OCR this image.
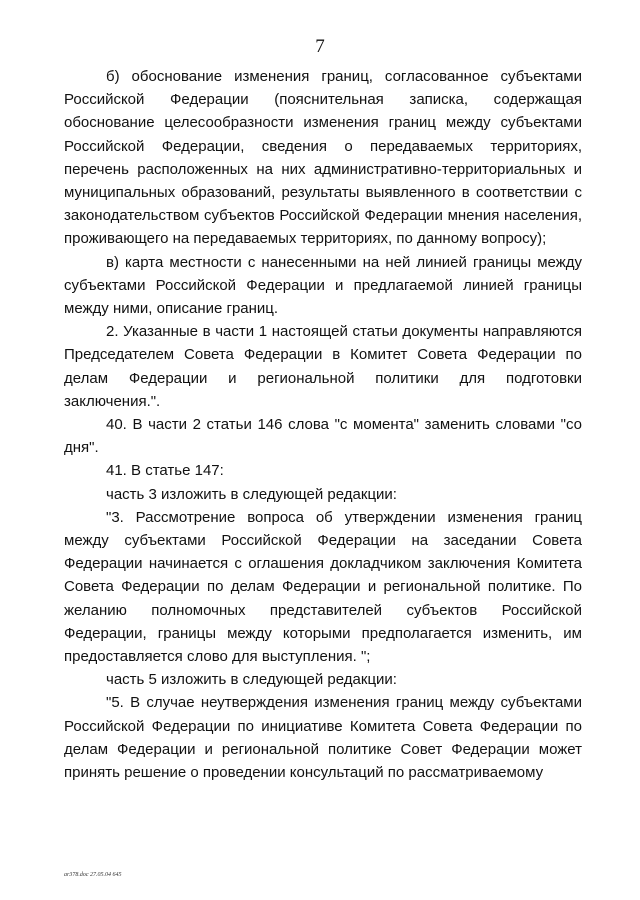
7

б) обоснование изменения границ, согласованное субъектами Российской Федерации (пояснительная записка, содержащая обоснование целесообразности изменения границ между субъектами Российской Федерации, сведения о передаваемых территориях, перечень расположенных на них административно-территориальных и муниципальных образований, результаты выявленного в соответствии с законодательством субъектов Российской Федерации мнения населения, проживающего на передаваемых территориях, по данному вопросу);

в) карта местности с нанесенными на ней линией границы между субъектами Российской Федерации и предлагаемой линией границы между ними, описание границ.

2. Указанные в части 1 настоящей статьи документы направляются Председателем Совета Федерации в Комитет Совета Федерации по делам Федерации и региональной политики для подготовки заключения.".

40. В части 2 статьи 146 слова "с момента" заменить словами "со дня".

41. В статье 147:

часть 3 изложить в следующей редакции:

"3. Рассмотрение вопроса об утверждении изменения границ между субъектами Российской Федерации на заседании Совета Федерации начинается с оглашения докладчиком заключения Комитета Совета Федерации по делам Федерации и региональной политике. По желанию полномочных представителей субъектов Российской Федерации, границы между которыми предполагается изменить, им предоставляется слово для выступления. ";

часть 5 изложить в следующей редакции:

"5. В случае неутверждения изменения границ между субъектами Российской Федерации по инициативе Комитета Совета Федерации по делам Федерации и региональной политике Совет Федерации может принять решение о проведении консультаций по рассматриваемому

ar378.doc 27.05.04 645
